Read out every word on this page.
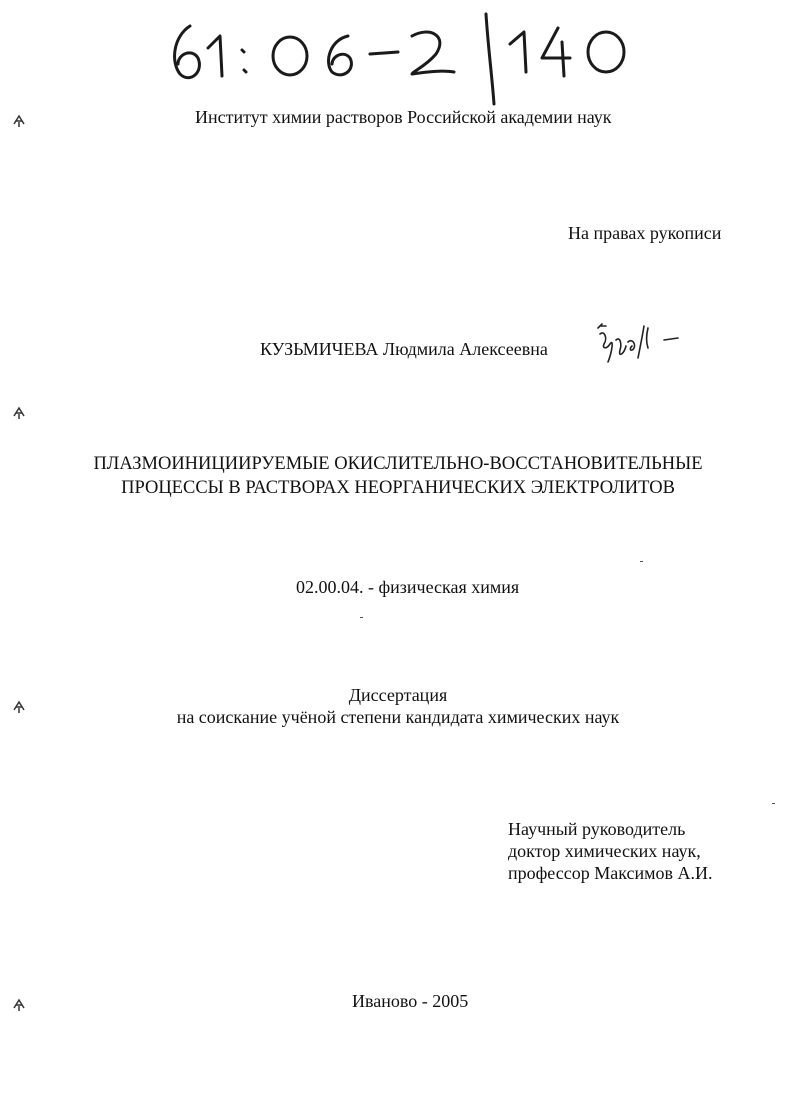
Институт химии растворов Российской академии наук
На правах рукописи
КУЗЬМИЧЕВА Людмила Алексеевна
ПЛАЗМОИНИЦИИРУЕМЫЕ ОКИСЛИТЕЛЬНО-ВОССТАНОВИТЕЛЬНЫЕ
ПРОЦЕССЫ В РАСТВОРАХ НЕОРГАНИЧЕСКИХ ЭЛЕКТРОЛИТОВ
02.00.04. - физическая химия
Диссертация
на соискание учёной степени кандидата химических наук
Научный руководитель
доктор химических наук,
профессор Максимов А.И.
Иваново - 2005
